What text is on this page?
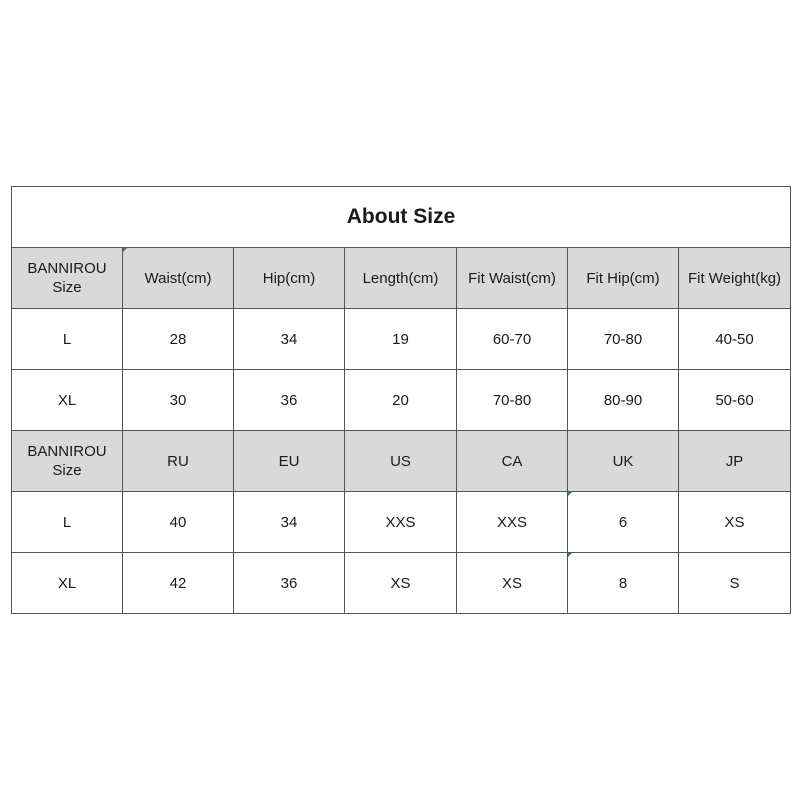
About Size						

BANNIROU
Size	Waist(cm)	Hip(cm)	Length(cm)	Fit Waist(cm)	Fit Hip(cm)	Fit Weight(kg)
L	28	34	19	60-70	70-80	40-50
XL	30	36	20	70-80	80-90	50-60

BANNIROU
Size	RU	EU	US	CA	UK	JP
L	40	34	XXS	XXS	6	XS
XL	42	36	XS	XS	8	S
